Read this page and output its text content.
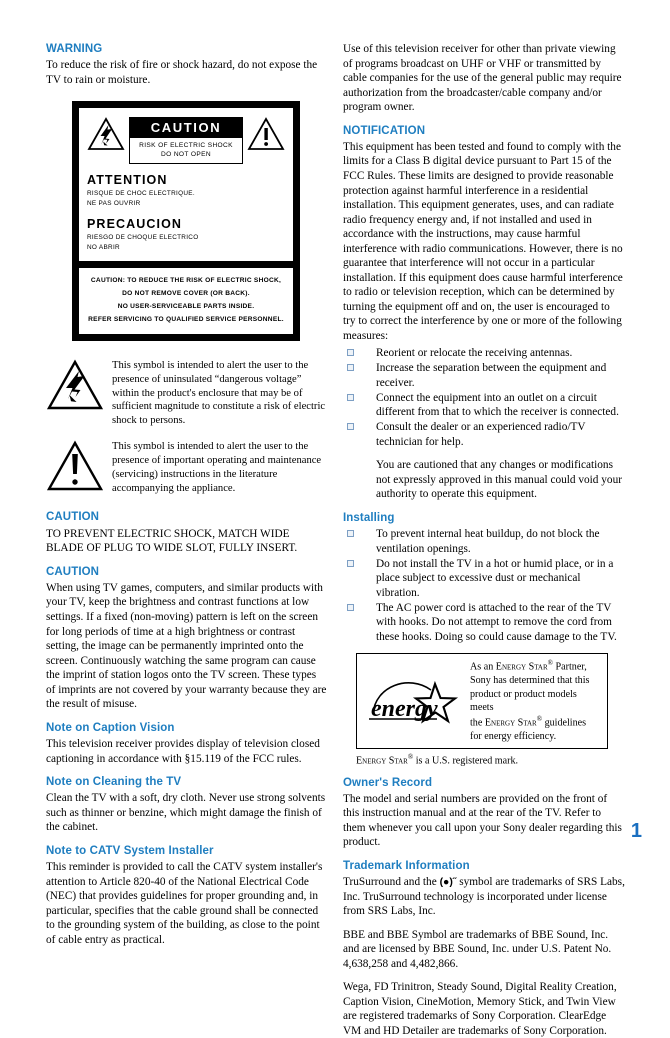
WARNING

To reduce the risk of fire or shock hazard, do not expose the TV to rain or moisture.

CAUTION
RISK OF ELECTRIC SHOCK
DO NOT OPEN
ATTENTION
RISQUE DE CHOC ELECTRIQUE.
NE PAS OUVRIR
PRECAUCION
RIESGO DE CHOQUE ELECTRICO
NO ABRIR
CAUTION: TO REDUCE THE RISK OF ELECTRIC SHOCK,
DO NOT REMOVE COVER (OR BACK).
NO USER-SERVICEABLE PARTS INSIDE.
REFER SERVICING TO QUALIFIED SERVICE PERSONNEL.
This symbol is intended to alert the user to the presence of uninsulated “dangerous voltage” within the product's enclosure that may be of sufficient magnitude to constitute a risk of electric shock to persons.
This symbol is intended to alert the user to the presence of important operating and maintenance (servicing) instructions in the literature accompanying the appliance.
CAUTION

TO PREVENT ELECTRIC SHOCK, MATCH WIDE BLADE OF PLUG TO WIDE SLOT, FULLY INSERT.

CAUTION

When using TV games, computers, and similar products with your TV, keep the brightness and contrast functions at low settings. If a fixed (non-moving) pattern is left on the screen for long periods of time at a high brightness or contrast setting, the image can be permanently imprinted onto the screen. Continuously watching the same program can cause the imprint of station logos onto the TV screen. These types of imprints are not covered by your warranty because they are the result of misuse.

Note on Caption Vision

This television receiver provides display of television closed captioning in accordance with §15.119 of the FCC rules.

Note on Cleaning the TV

Clean the TV with a soft, dry cloth. Never use strong solvents such as thinner or benzine, which might damage the finish of the cabinet.

Note to CATV System Installer

This reminder is provided to call the CATV system installer's attention to Article 820-40 of the National Electrical Code (NEC) that provides guidelines for proper grounding and, in particular, specifies that the cable ground shall be connected to the grounding system of the building, as close to the point of cable entry as practical.

Use of this television receiver for other than private viewing of programs broadcast on UHF or VHF or transmitted by cable companies for the use of the general public may require authorization from the broadcaster/cable company and/or program owner.

NOTIFICATION

This equipment has been tested and found to comply with the limits for a Class B digital device pursuant to Part 15 of the FCC Rules. These limits are designed to provide reasonable protection against harmful interference in a residential installation. This equipment generates, uses, and can radiate radio frequency energy and, if not installed and used in accordance with the instructions, may cause harmful interference with radio communications. However, there is no guarantee that interference will not occur in a particular installation. If this equipment does cause harmful interference to radio or television reception, which can be determined by turning the equipment off and on, the user is encouraged to try to correct the interference by one or more of the following measures:

Reorient or relocate the receiving antennas.
Increase the separation between the equipment and receiver.
Connect the equipment into an outlet on a circuit different from that to which the receiver is connected.
Consult the dealer or an experienced radio/TV technician for help.

You are cautioned that any changes or modifications not expressly approved in this manual could void your authority to operate this equipment.

Installing
To prevent internal heat buildup, do not block the ventilation openings.
Do not install the TV in a hot or humid place, or in a place subject to excessive dust or mechanical vibration.
The AC power cord is attached to the rear of the TV with hooks. Do not attempt to remove the cord from these hooks. Doing so could cause damage to the TV.
energy
As an Energy Star® Partner,
Sony has determined that this
product or product models meets
the Energy Star® guidelines
for energy efficiency.

Energy Star® is a U.S. registered mark.

Owner's Record

The model and serial numbers are provided on the front of this instruction manual and at the rear of the TV. Refer to them whenever you call upon your Sony dealer regarding this product.

Trademark Information

TruSurround and the (●)˝ symbol are trademarks of SRS Labs, Inc. TruSurround technology is incorporated under license from SRS Labs, Inc.

BBE and BBE Symbol are trademarks of BBE Sound, Inc. and are licensed by BBE Sound, Inc. under U.S. Patent No. 4,638,258 and 4,482,866.

Wega, FD Trinitron, Steady Sound, Digital Reality Creation, Caption Vision, CineMotion, Memory Stick, and Twin View are registered trademarks of Sony Corporation. ClearEdge VM and HD Detailer are trademarks of Sony Corporation.

1
